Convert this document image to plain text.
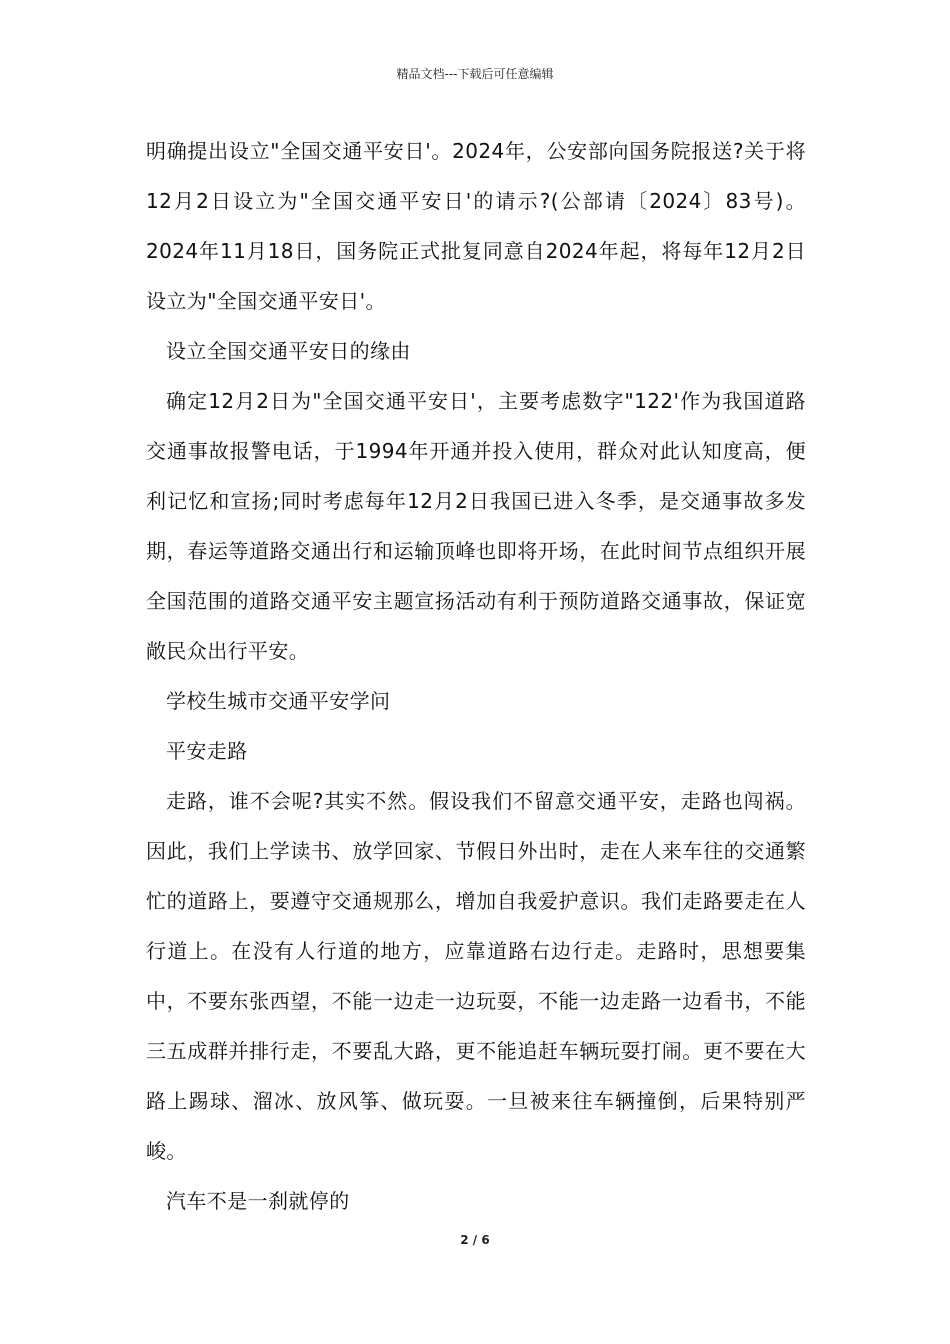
精品文档---下载后可任意编辑

明确提出设立"全国交通平安日'。2024年，公安部向国务院报送?关于将12月2日设立为"全国交通平安日'的请示?(公部请〔2024〕83号)。2024年11月18日，国务院正式批复同意自2024年起，将每年12月2日设立为"全国交通平安日'。

设立全国交通平安日的缘由

确定12月2日为"全国交通平安日'，主要考虑数字"122'作为我国道路交通事故报警电话，于1994年开通并投入使用，群众对此认知度高，便利记忆和宣扬;同时考虑每年12月2日我国已进入冬季，是交通事故多发期，春运等道路交通出行和运输顶峰也即将开场，在此时间节点组织开展全国范围的道路交通平安主题宣扬活动有利于预防道路交通事故，保证宽敞民众出行平安。

学校生城市交通平安学问

平安走路

走路，谁不会呢?其实不然。假设我们不留意交通平安，走路也闯祸。因此，我们上学读书、放学回家、节假日外出时，走在人来车往的交通繁忙的道路上，要遵守交通规那么，增加自我爱护意识。我们走路要走在人行道上。在没有人行道的地方，应靠道路右边行走。走路时，思想要集中，不要东张西望，不能一边走一边玩耍，不能一边走路一边看书，不能三五成群并排行走，不要乱大路，更不能追赶车辆玩耍打闹。更不要在大路上踢球、溜冰、放风筝、做玩耍。一旦被来往车辆撞倒，后果特别严峻。

汽车不是一刹就停的

2 / 6
